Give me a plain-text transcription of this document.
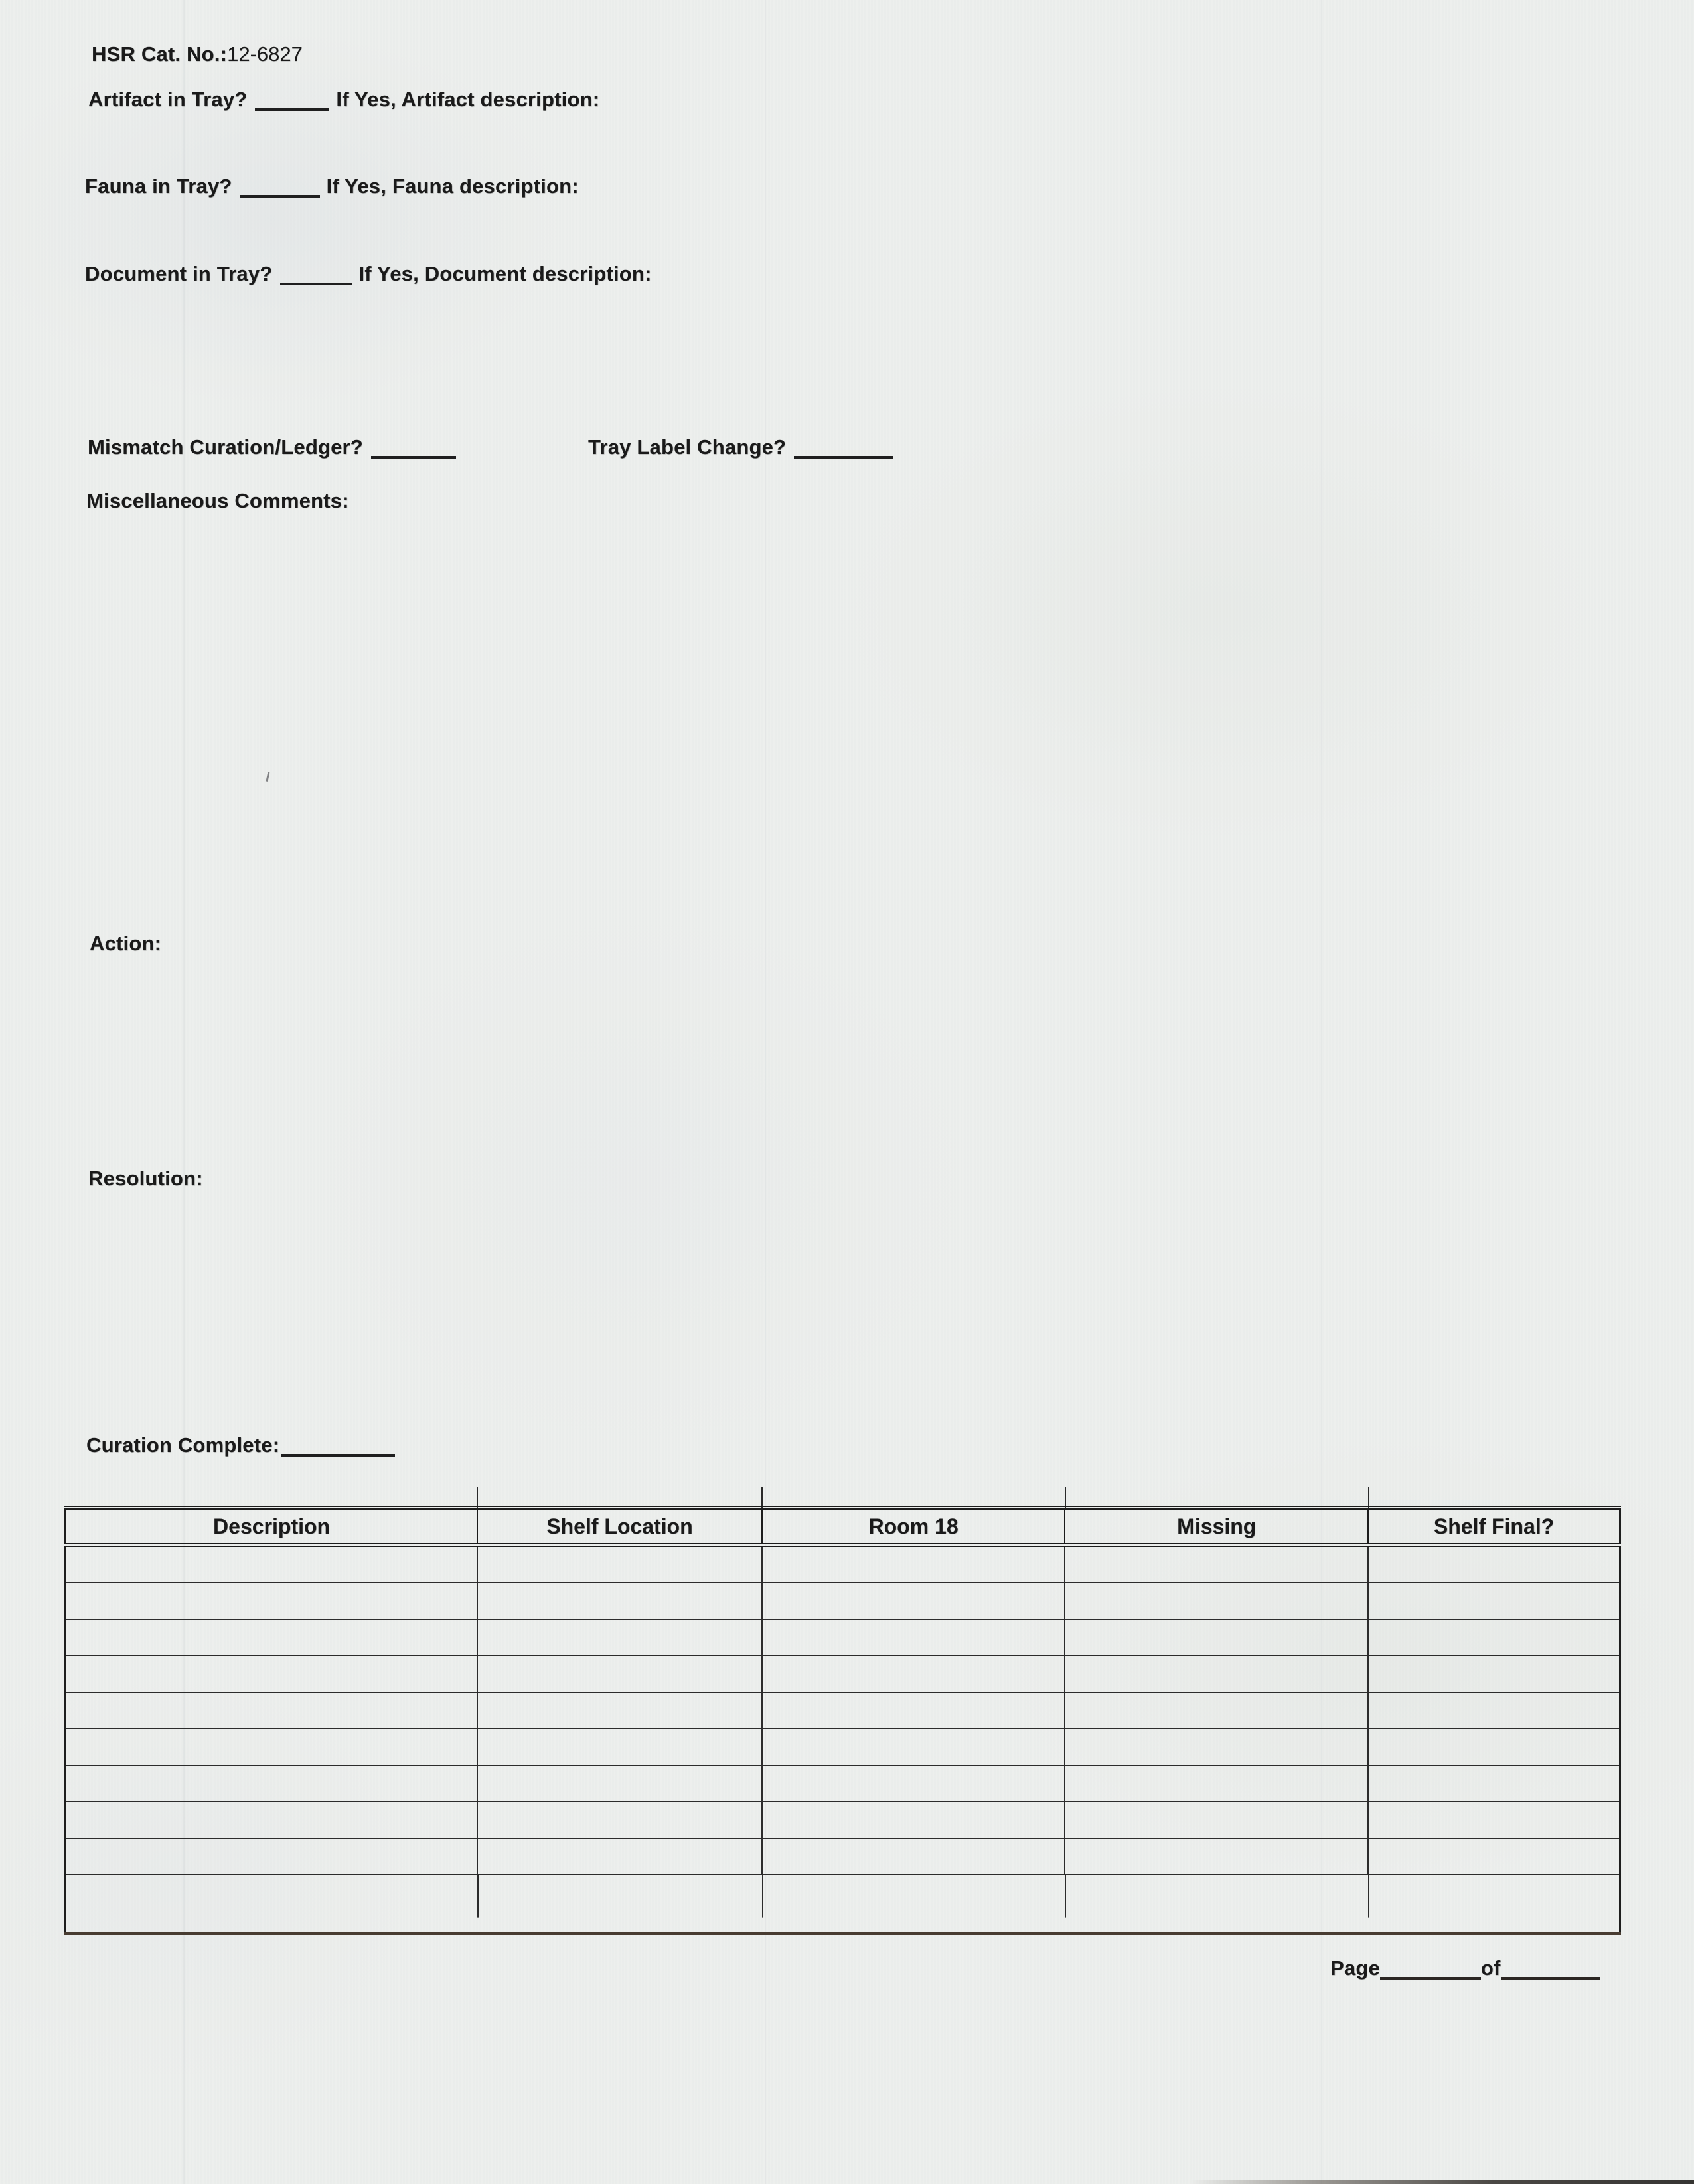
HSR Cat. No.:12-6827
Artifact in Tray?	If Yes, Artifact description:
Fauna in Tray?	If Yes, Fauna description:
Document in Tray?	If Yes, Document description:
Mismatch Curation/Ledger?	Tray Label Change?
Miscellaneous Comments:
Action:
Resolution:
Curation Complete:
Description	Shelf Location	Room 18	Missing	Shelf Final?

Page	of
